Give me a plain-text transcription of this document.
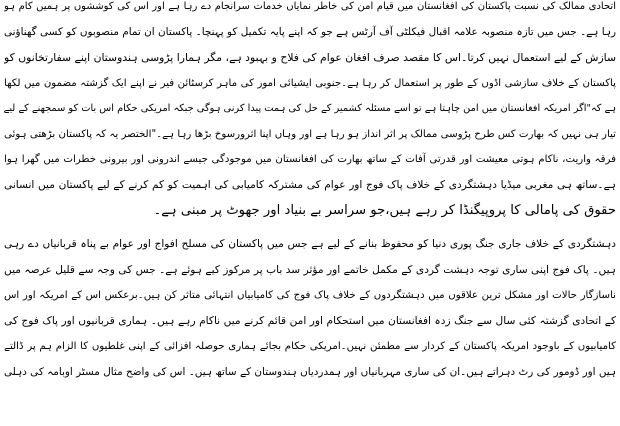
اتحادی ممالک کی نسبت پاکستان کی افغانستان میں قیام امن کی خاطر نمایاں خدمات سرانجام دے رہا ہے اور اس کی کوششوں پر ہمیں کام ہو
رہا ہے۔ جس میں تازہ منصوبہ علامہ اقبال فیکلٹی آف آرٹس ہے جو کہ اپنے پایہ تکمیل کو پہنچا۔ پاکستان ان تمام منصوبوں کو کسی گھناؤنی
سازش کے لیے استعمال نہیں کرتا۔اس کا مقصد صرف افغان عوام کی فلاح و بہبود ہے، مگر ہمارا پڑوسی ہندوستان اپنے سفارتخانوں کو
پاکستان کے خلاف سازشی اڈوں کے طور پر استعمال کر رہا ہے۔جنوبی ایشیائی امور کی ماہر کرسٹائن فیر نے اپنے ایک گزشتہ مضمون میں لکھا
ہے کہ"اگر امریکہ افغانستان میں امن چاہتا ہے تو اسے مسئلہ کشمیر کے حل کی ہمت پیدا کرنی ہوگی جبکہ امریکی حکام اس بات کو سمجھنے کے لیے
تیار ہی نہیں کہ بھارت کس طرح پڑوسی ممالک پر اثر انداز ہو رہا ہے اور وہاں اپنا اثرورسوخ بڑھا رہا ہے۔"الختصر یہ کہ پاکستان بڑھتی ہوئی
فرقہ واریت، ناکام ہوتی معیشت اور قدرتی آفات کے ساتھ بھارت کی افغانستان میں موجودگی جیسے اندرونی اور بیرونی خطرات میں گھرا ہوا
ہے۔ساتھ ہی مغربی میڈیا دہشتگردی کے خلاف پاک فوج اور عوام کی مشترکہ کامیابی کی اہمیت کو کم کرنے کے لیے پاکستان میں انسانی
حقوق کی پامالی کا پروپیگنڈا کر رہے ہیں،جو سراسر بے بنیاد اور جھوٹ پر مبنی ہے۔
دہشتگردی کے خلاف جاری جنگ پوری دنیا کو محفوظ بنانے کے لیے ہے جس میں پاکستان کی مسلح افواج اور عوام بے پناہ قربانیاں دے رہی
ہیں۔ پاک فوج اپنی ساری توجہ دہشت گردی کے مکمل خاتمے اور مؤثر سد باب پر مرکوز کیے ہوئے ہے۔ جس کی وجہ سے قلیل عرصہ میں
ناسازگار حالات اور مشکل ترین علاقوں میں دہشتگردوں کے خلاف پاک فوج کی کامیابیاں انتہائی متاثر کن ہیں۔برعکس اس کے امریکہ اور اس
کے اتحادی گزشتہ کئی سال سے جنگ زدہ افغانستان میں استحکام اور امن قائم کرنے میں ناکام رہے ہیں۔ ہماری قربانیوں اور پاک فوج کی
کامیابیوں کے باوجود امریکہ پاکستان کے کردار سے مطمئن نہیں۔امریکی حکام بجائے ہماری حوصلہ افزائی کے اپنی غلطیوں کا الزام ہم پر ڈالتے
ہیں اور ڈومور کی رٹ دہراتے ہیں۔ان کی ساری مہربانیاں اور ہمدردیاں ہندوستان کے ساتھ ہیں۔ اس کی واضح مثال مسٹر اوبامہ کی دہلی
